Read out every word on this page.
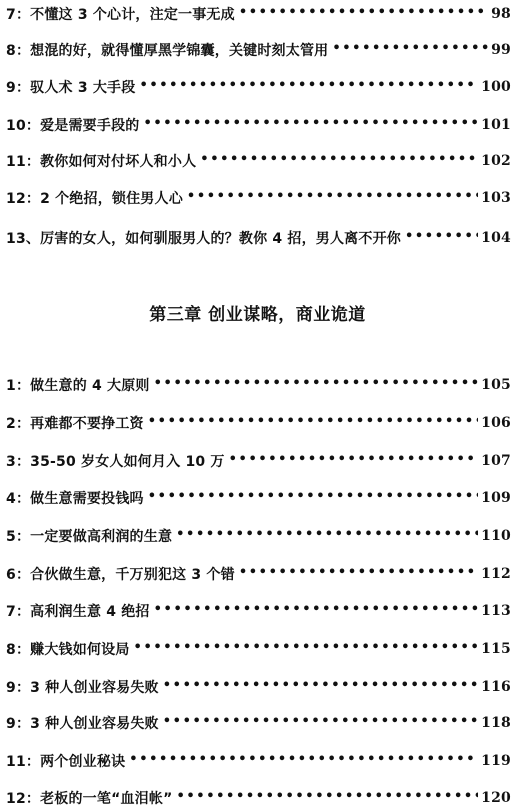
7：不懂这 3 个心计，注定一事无成 •••••	98
8：想混的好，就得懂厚黑学锦囊，关键时刻太管用 •••••	99
9：驭人术 3 大手段 •••••	100
10：爱是需要手段的 •••••	101
11：教你如何对付坏人和小人 •••••	102
12：2 个绝招，锁住男人心 •••••	103
13、厉害的女人，如何驯服男人的？教你 4 招，男人离不开你 •••••	104
第三章 创业谋略，商业诡道
1：做生意的 4 大原则 •••••	105
2：再难都不要挣工资 •••••	106
3：35-50 岁女人如何月入 10 万 •••••	107
4：做生意需要投钱吗 •••••	109
5：一定要做高利润的生意 •••••	110
6：合伙做生意，千万别犯这 3 个错 •••••	112
7：高利润生意 4 绝招 •••••	113
8：赚大钱如何设局 •••••	115
9：3 种人创业容易失败 •••••	116
9：3 种人创业容易失败 •••••	118
11：两个创业秘诀 •••••	119
12：老板的一笔“血泪帐” •••••	120
